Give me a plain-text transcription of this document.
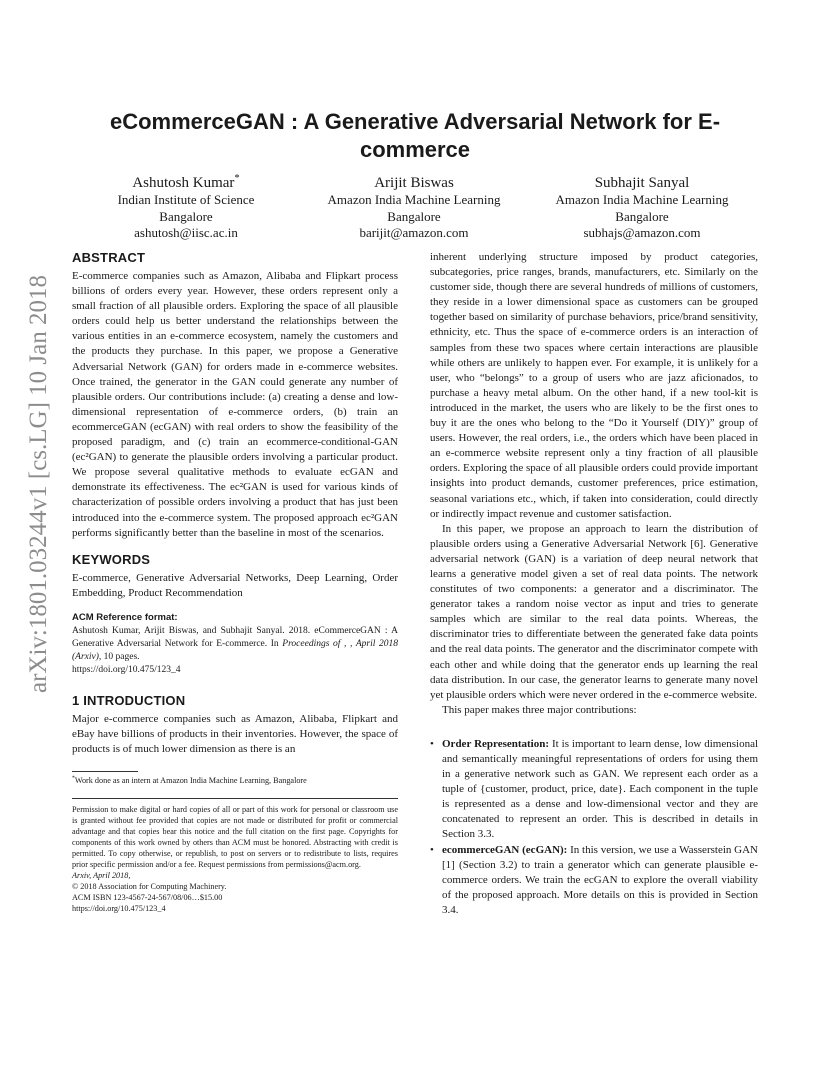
arXiv:1801.03244v1 [cs.LG] 10 Jan 2018
eCommerceGAN : A Generative Adversarial Network for E-commerce
Ashutosh Kumar*
Indian Institute of Science
Bangalore
ashutosh@iisc.ac.in
Arijit Biswas
Amazon India Machine Learning
Bangalore
barijit@amazon.com
Subhajit Sanyal
Amazon India Machine Learning
Bangalore
subhajs@amazon.com
ABSTRACT

E-commerce companies such as Amazon, Alibaba and Flipkart process billions of orders every year. However, these orders represent only a small fraction of all plausible orders. Exploring the space of all plausible orders could help us better understand the relationships between the various entities in an e-commerce ecosystem, namely the customers and the products they purchase. In this paper, we propose a Generative Adversarial Network (GAN) for orders made in e-commerce websites. Once trained, the generator in the GAN could generate any number of plausible orders. Our contributions include: (a) creating a dense and low-dimensional representation of e-commerce orders, (b) train an ecommerceGAN (ecGAN) with real orders to show the feasibility of the proposed paradigm, and (c) train an ecommerce-conditional-GAN (ec²GAN) to generate the plausible orders involving a particular product. We propose several qualitative methods to evaluate ecGAN and demonstrate its effectiveness. The ec²GAN is used for various kinds of characterization of possible orders involving a product that has just been introduced into the e-commerce system. The proposed approach ec²GAN performs significantly better than the baseline in most of the scenarios.

KEYWORDS

E-commerce, Generative Adversarial Networks, Deep Learning, Order Embedding, Product Recommendation

ACM Reference format:

Ashutosh Kumar, Arijit Biswas, and Subhajit Sanyal. 2018. eCommerceGAN : A Generative Adversarial Network for E-commerce. In Proceedings of , , April 2018 (Arxiv), 10 pages.

https://doi.org/10.475/123_4

1 INTRODUCTION

Major e-commerce companies such as Amazon, Alibaba, Flipkart and eBay have billions of products in their inventories. However, the space of products is of much lower dimension as there is an

*Work done as an intern at Amazon India Machine Learning, Bangalore

Permission to make digital or hard copies of all or part of this work for personal or classroom use is granted without fee provided that copies are not made or distributed for profit or commercial advantage and that copies bear this notice and the full citation on the first page. Copyrights for components of this work owned by others than ACM must be honored. Abstracting with credit is permitted. To copy otherwise, or republish, to post on servers or to redistribute to lists, requires prior specific permission and/or a fee. Request permissions from permissions@acm.org.

Arxiv, April 2018,
© 2018 Association for Computing Machinery.
ACM ISBN 123-4567-24-567/08/06…$15.00
https://doi.org/10.475/123_4

inherent underlying structure imposed by product categories, subcategories, price ranges, brands, manufacturers, etc. Similarly on the customer side, though there are several hundreds of millions of customers, they reside in a lower dimensional space as customers can be grouped together based on similarity of purchase behaviors, price/brand sensitivity, ethnicity, etc. Thus the space of e-commerce orders is an interaction of samples from these two spaces where certain interactions are plausible while others are unlikely to happen ever. For example, it is unlikely for a user, who “belongs” to a group of users who are jazz aficionados, to purchase a heavy metal album. On the other hand, if a new tool-kit is introduced in the market, the users who are likely to be the first ones to buy it are the ones who belong to the “Do it Yourself (DIY)” group of users. However, the real orders, i.e., the orders which have been placed in an e-commerce website represent only a tiny fraction of all plausible orders. Exploring the space of all plausible orders could provide important insights into product demands, customer preferences, price estimation, seasonal variations etc., which, if taken into consideration, could directly or indirectly impact revenue and customer satisfaction.

In this paper, we propose an approach to learn the distribution of plausible orders using a Generative Adversarial Network [6]. Generative adversarial network (GAN) is a variation of deep neural network that learns a generative model given a set of real data points. The network constitutes of two components: a generator and a discriminator. The generator takes a random noise vector as input and tries to generate samples which are similar to the real data points. Whereas, the discriminator tries to differentiate between the generated fake data points and the real data points. The generator and the discriminator compete with each other and while doing that the generator ends up learning the real data distribution. In our case, the generator learns to generate many novel yet plausible orders which were never ordered in the e-commerce website.

This paper makes three major contributions:

• Order Representation: It is important to learn dense, low dimensional and semantically meaningful representations of orders for using them in a generative network such as GAN. We represent each order as a tuple of {customer, product, price, date}. Each component in the tuple is represented as a dense and low-dimensional vector and they are concatenated to represent an order. This is described in details in Section 3.3.
• ecommerceGAN (ecGAN): In this version, we use a Wasserstein GAN [1] (Section 3.2) to train a generator which can generate plausible e-commerce orders. We train the ecGAN to explore the overall viability of the proposed approach. More details on this is provided in Section 3.4.
